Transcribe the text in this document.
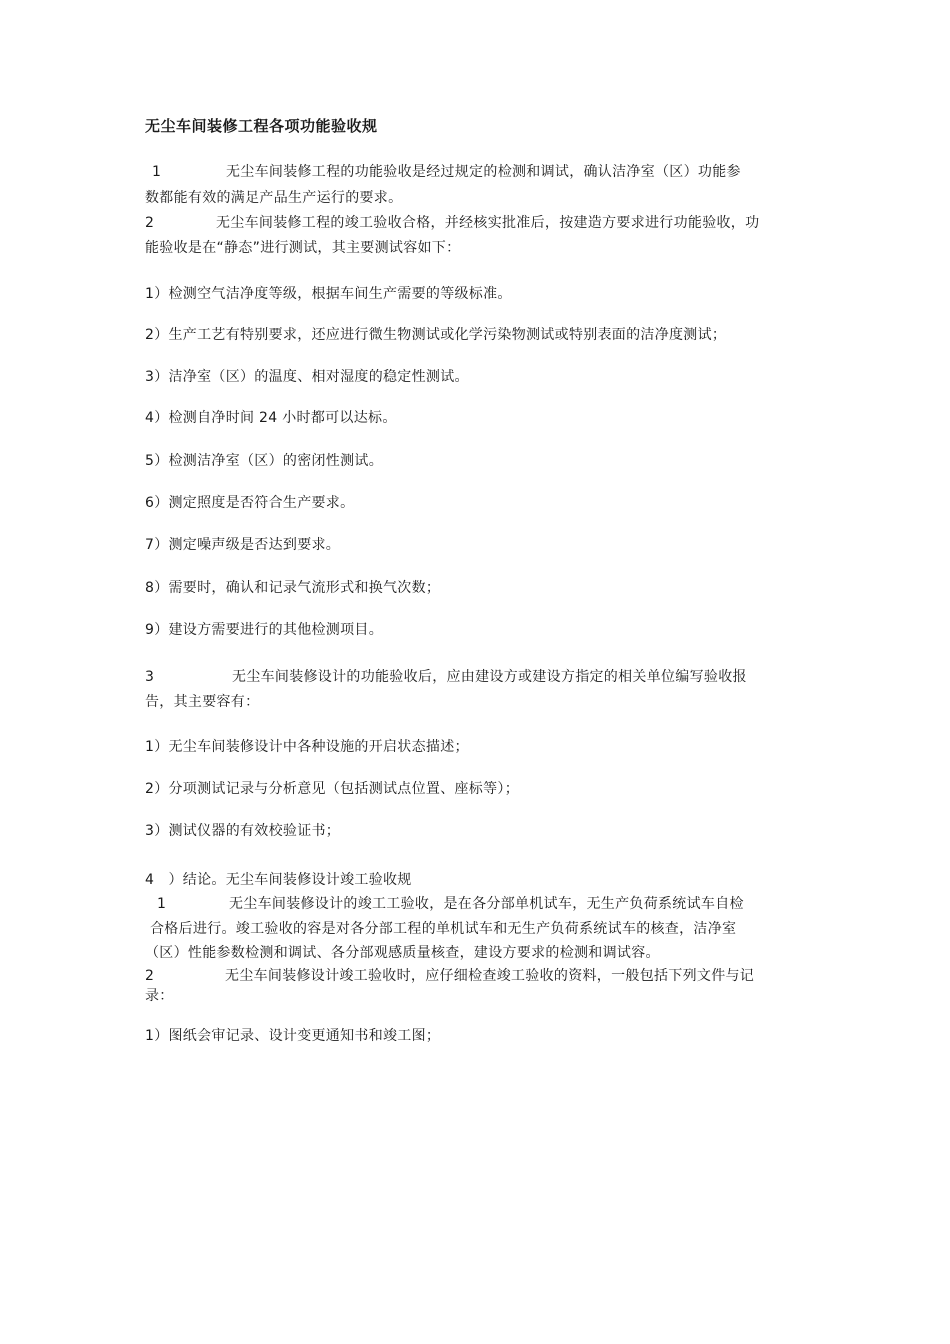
无尘车间装修工程各项功能验收规
1	无尘车间装修工程的功能验收是经过规定的检测和调试，确认洁净室（区）功能参
数都能有效的满足产品生产运行的要求。
2	无尘车间装修工程的竣工验收合格，并经核实批准后，按建造方要求进行功能验收，功
能验收是在“静态”进行测试，其主要测试容如下：
1）检测空气洁净度等级，根据车间生产需要的等级标准。
2）生产工艺有特别要求，还应进行微生物测试或化学污染物测试或特别表面的洁净度测试；
3）洁净室（区）的温度、相对湿度的稳定性测试。
4）检测自净时间 24 小时都可以达标。
5）检测洁净室（区）的密闭性测试。
6）测定照度是否符合生产要求。
7）测定噪声级是否达到要求。
8）需要时，确认和记录气流形式和换气次数；
9）建设方需要进行的其他检测项目。
3	无尘车间装修设计的功能验收后，应由建设方或建设方指定的相关单位编写验收报
告，其主要容有：
1）无尘车间装修设计中各种设施的开启状态描述；
2）分项测试记录与分析意见（包括测试点位置、座标等）；
3）测试仪器的有效校验证书；
4　）结论。无尘车间装修设计竣工验收规
1	无尘车间装修设计的竣工工验收，是在各分部单机试车，无生产负荷系统试车自检
合格后进行。竣工验收的容是对各分部工程的单机试车和无生产负荷系统试车的核查，洁净室
（区）性能参数检测和调试、各分部观感质量核查，建设方要求的检测和调试容。
2	无尘车间装修设计竣工验收时，应仔细检查竣工验收的资料，一般包括下列文件与记
录：
1）图纸会审记录、设计变更通知书和竣工图；
